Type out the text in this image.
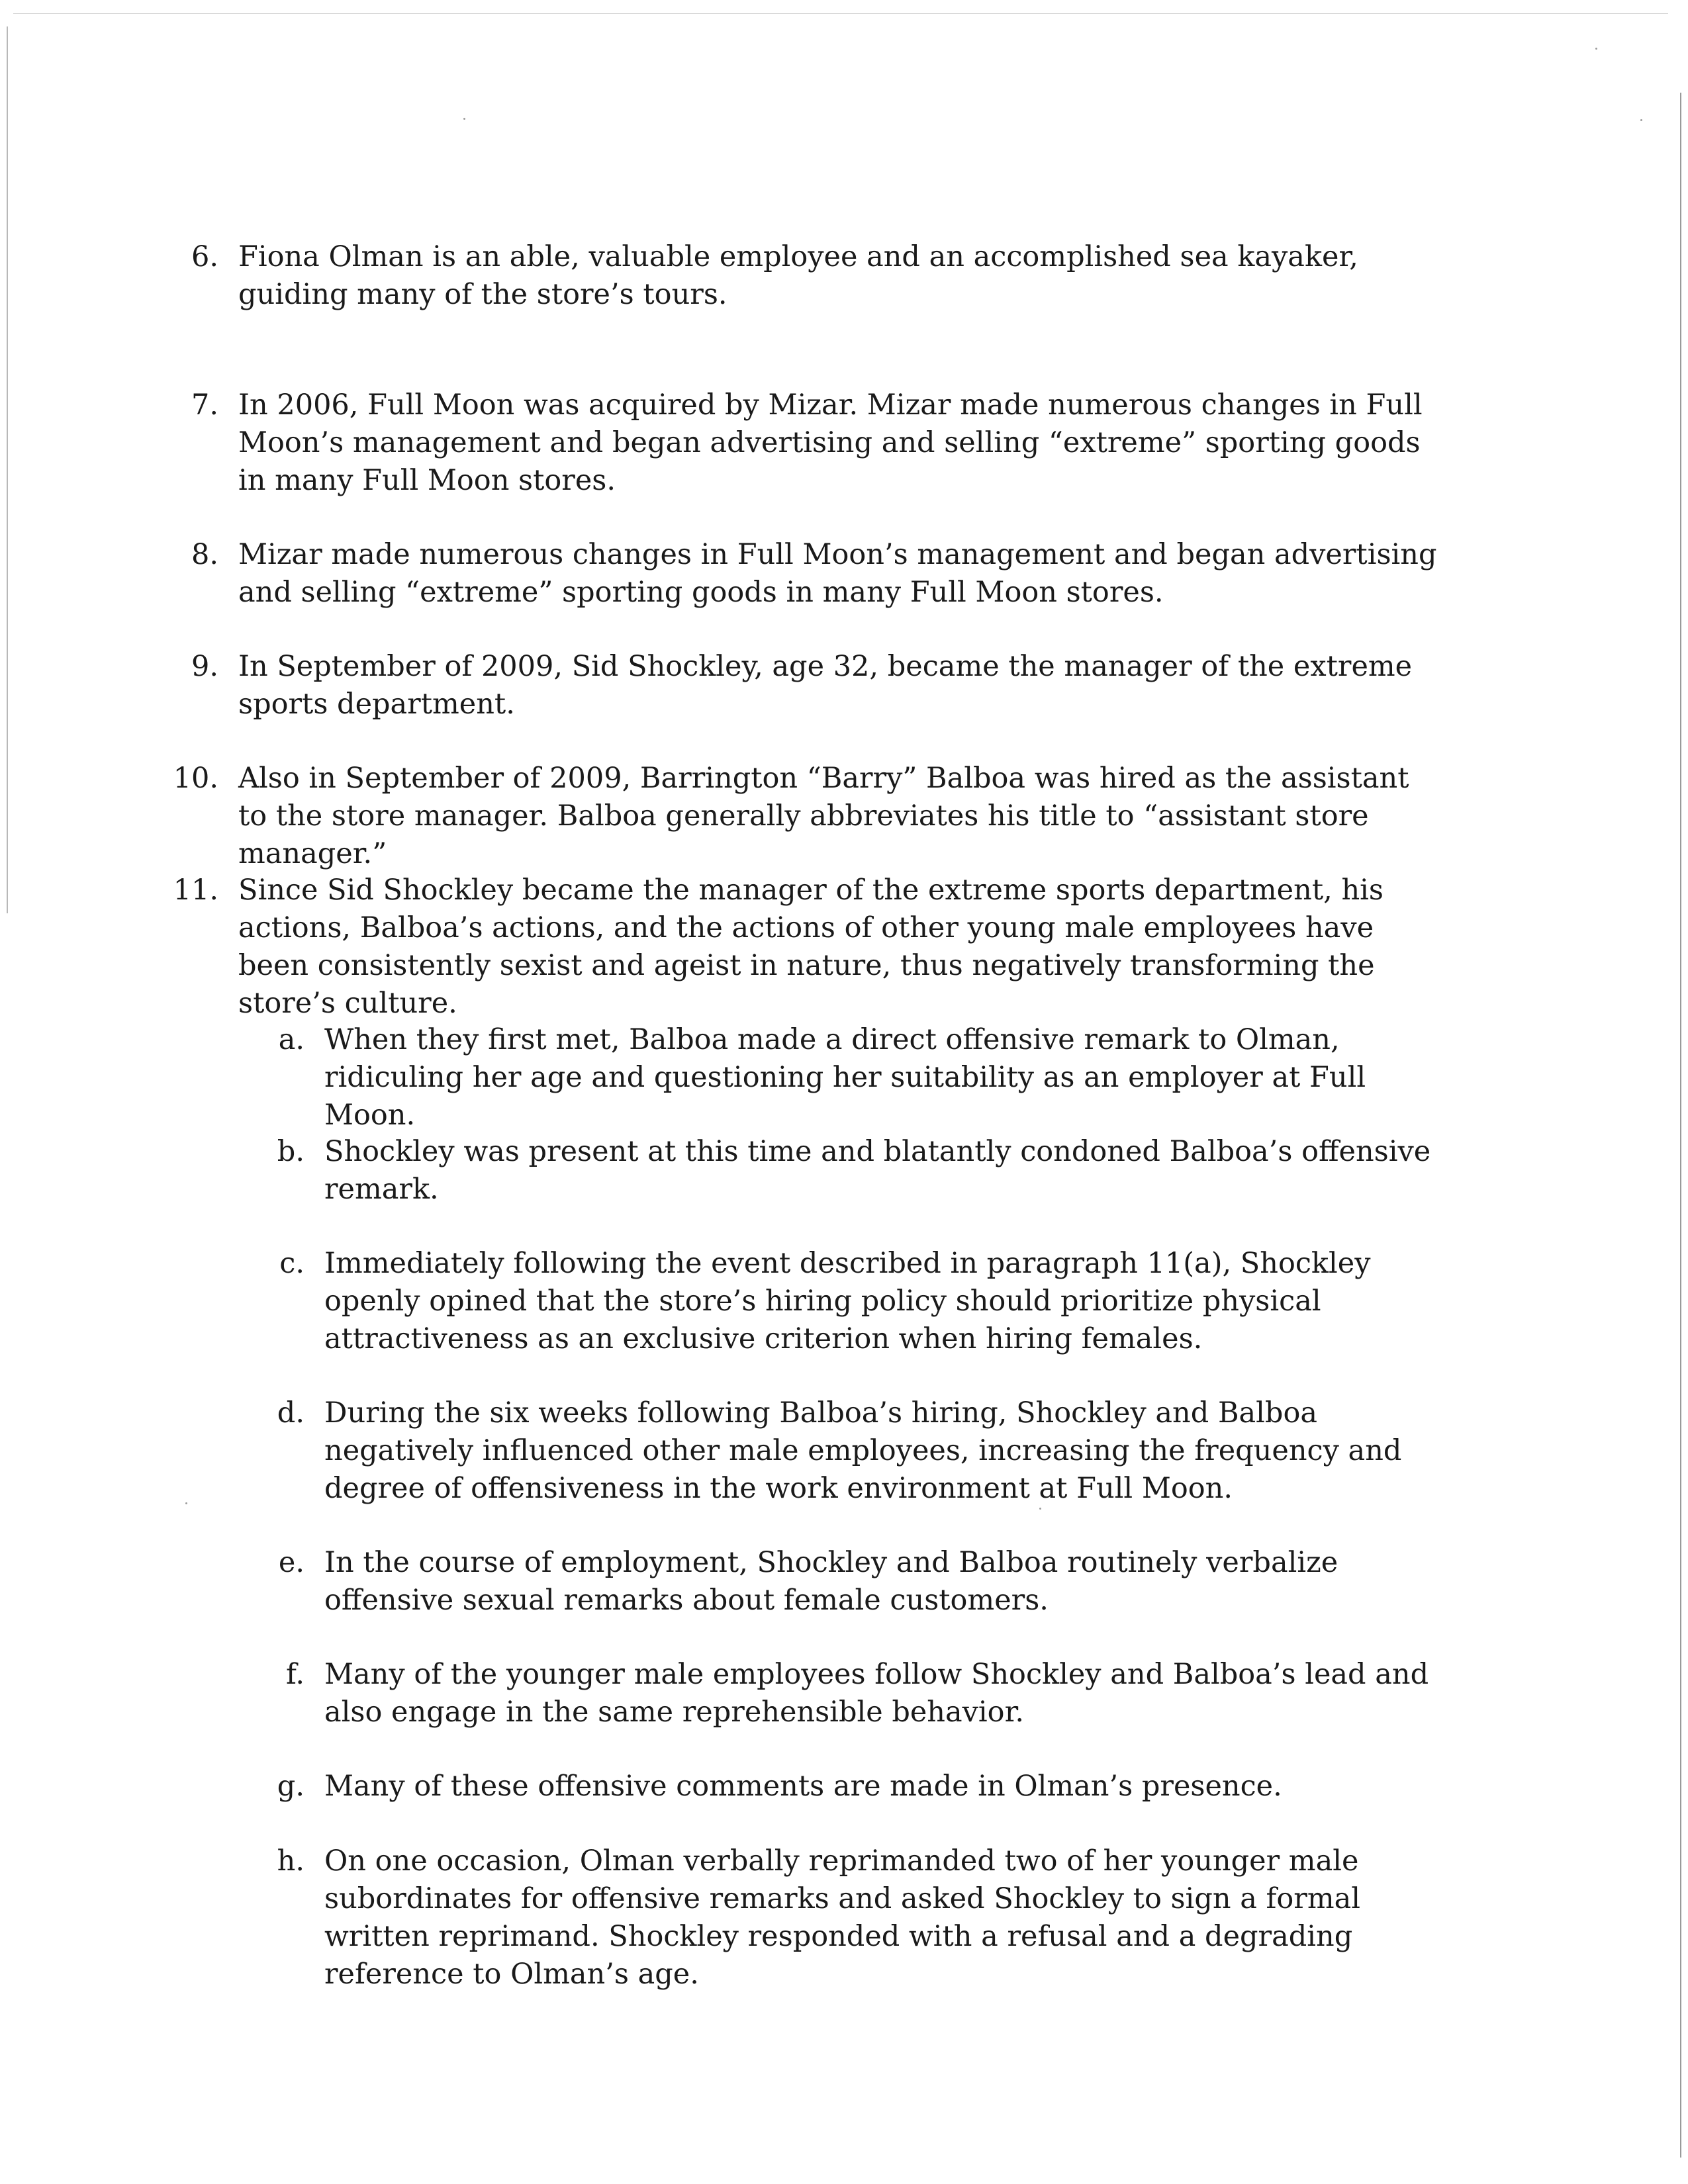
6. Fiona Olman is an able, valuable employee and an accomplished sea kayaker, guiding many of the store’s tours.
7. In 2006, Full Moon was acquired by Mizar. Mizar made numerous changes in Full Moon’s management and began advertising and selling “extreme” sporting goods in many Full Moon stores.
8. Mizar made numerous changes in Full Moon’s management and began advertising and selling “extreme” sporting goods in many Full Moon stores.
9. In September of 2009, Sid Shockley, age 32, became the manager of the extreme sports department.
10. Also in September of 2009, Barrington “Barry” Balboa was hired as the assistant to the store manager. Balboa generally abbreviates his title to “assistant store manager.”
11. Since Sid Shockley became the manager of the extreme sports department, his actions, Balboa’s actions, and the actions of other young male employees have been consistently sexist and ageist in nature, thus negatively transforming the store’s culture.
a. When they first met, Balboa made a direct offensive remark to Olman, ridiculing her age and questioning her suitability as an employer at Full Moon.
b. Shockley was present at this time and blatantly condoned Balboa’s offensive remark.
c. Immediately following the event described in paragraph 11(a), Shockley openly opined that the store’s hiring policy should prioritize physical attractiveness as an exclusive criterion when hiring females.
d. During the six weeks following Balboa’s hiring, Shockley and Balboa negatively influenced other male employees, increasing the frequency and degree of offensiveness in the work environment at Full Moon.
e. In the course of employment, Shockley and Balboa routinely verbalize offensive sexual remarks about female customers.
f. Many of the younger male employees follow Shockley and Balboa’s lead and also engage in the same reprehensible behavior.
g. Many of these offensive comments are made in Olman’s presence.
h. On one occasion, Olman verbally reprimanded two of her younger male subordinates for offensive remarks and asked Shockley to sign a formal written reprimand. Shockley responded with a refusal and a degrading reference to Olman’s age.
